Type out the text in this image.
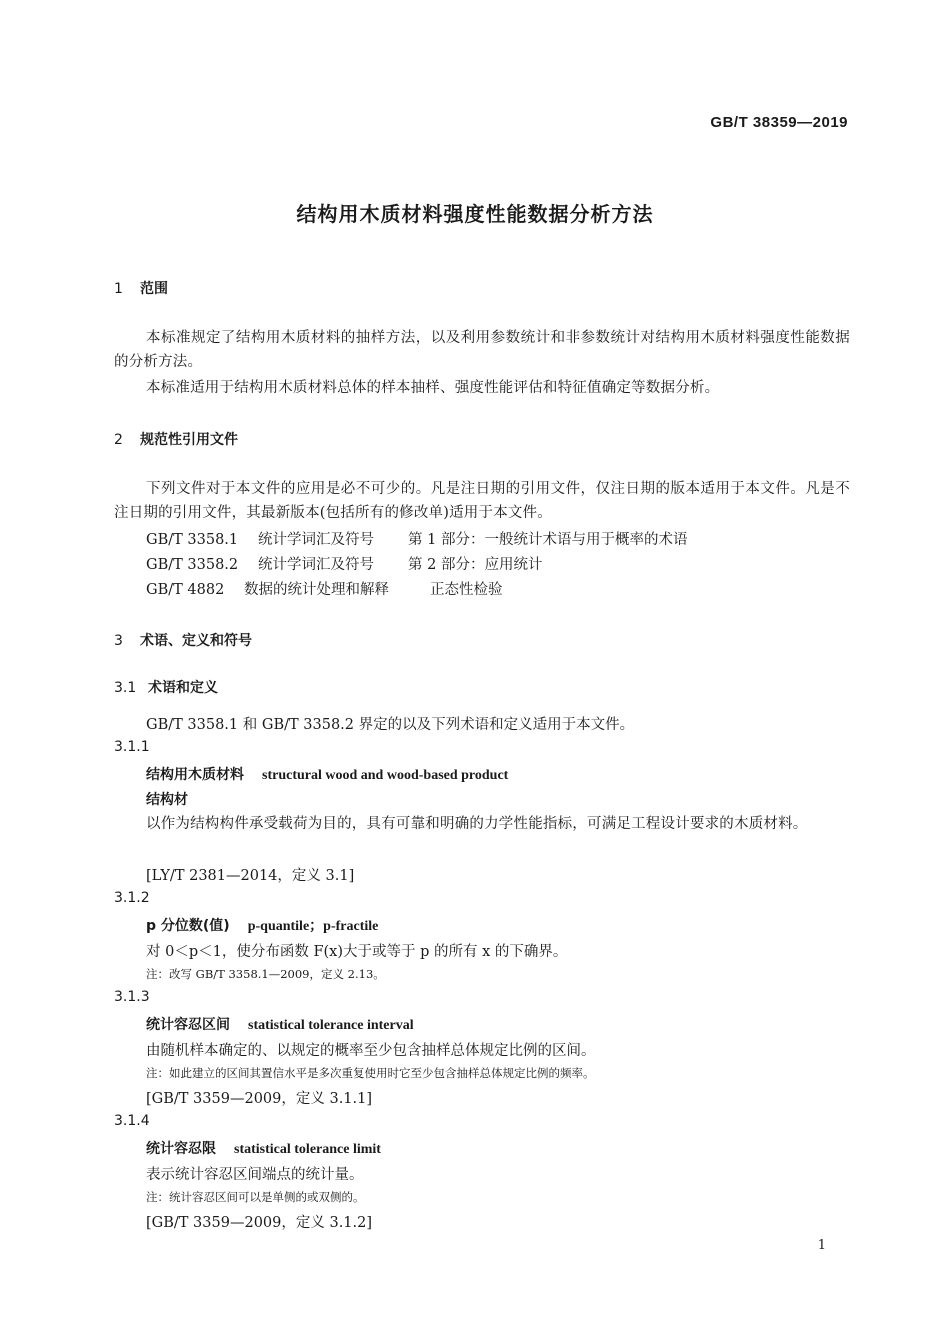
GB/T 38359—2019
结构用木质材料强度性能数据分析方法
1 范围
本标准规定了结构用木质材料的抽样方法，以及利用参数统计和非参数统计对结构用木质材料强度性能数据的分析方法。
本标准适用于结构用木质材料总体的样本抽样、强度性能评估和特征值确定等数据分析。
2 规范性引用文件
下列文件对于本文件的应用是必不可少的。凡是注日期的引用文件，仅注日期的版本适用于本文件。凡是不注日期的引用文件，其最新版本(包括所有的修改单)适用于本文件。
GB/T 3358.1 统计学词汇及符号 第 1 部分：一般统计术语与用于概率的术语
GB/T 3358.2 统计学词汇及符号 第 2 部分：应用统计
GB/T 4882 数据的统计处理和解释	正态性检验
3 术语、定义和符号
3.1 术语和定义
GB/T 3358.1 和 GB/T 3358.2 界定的以及下列术语和定义适用于本文件。
3.1.1
结构用木质材料 structural wood and wood-based product
结构材
以作为结构构件承受载荷为目的，具有可靠和明确的力学性能指标，可满足工程设计要求的木质材料。
[LY/T 2381—2014，定义 3.1]
3.1.2
p 分位数(值) p-quantile；p-fractile
对 0＜p＜1，使分布函数 F(x)大于或等于 p 的所有 x 的下确界。
注：改写 GB/T 3358.1—2009，定义 2.13。
3.1.3
统计容忍区间 statistical tolerance interval
由随机样本确定的、以规定的概率至少包含抽样总体规定比例的区间。
注：如此建立的区间其置信水平是多次重复使用时它至少包含抽样总体规定比例的频率。
[GB/T 3359—2009，定义 3.1.1]
3.1.4
统计容忍限 statistical tolerance limit
表示统计容忍区间端点的统计量。
注：统计容忍区间可以是单侧的或双侧的。
[GB/T 3359—2009，定义 3.1.2]
1
